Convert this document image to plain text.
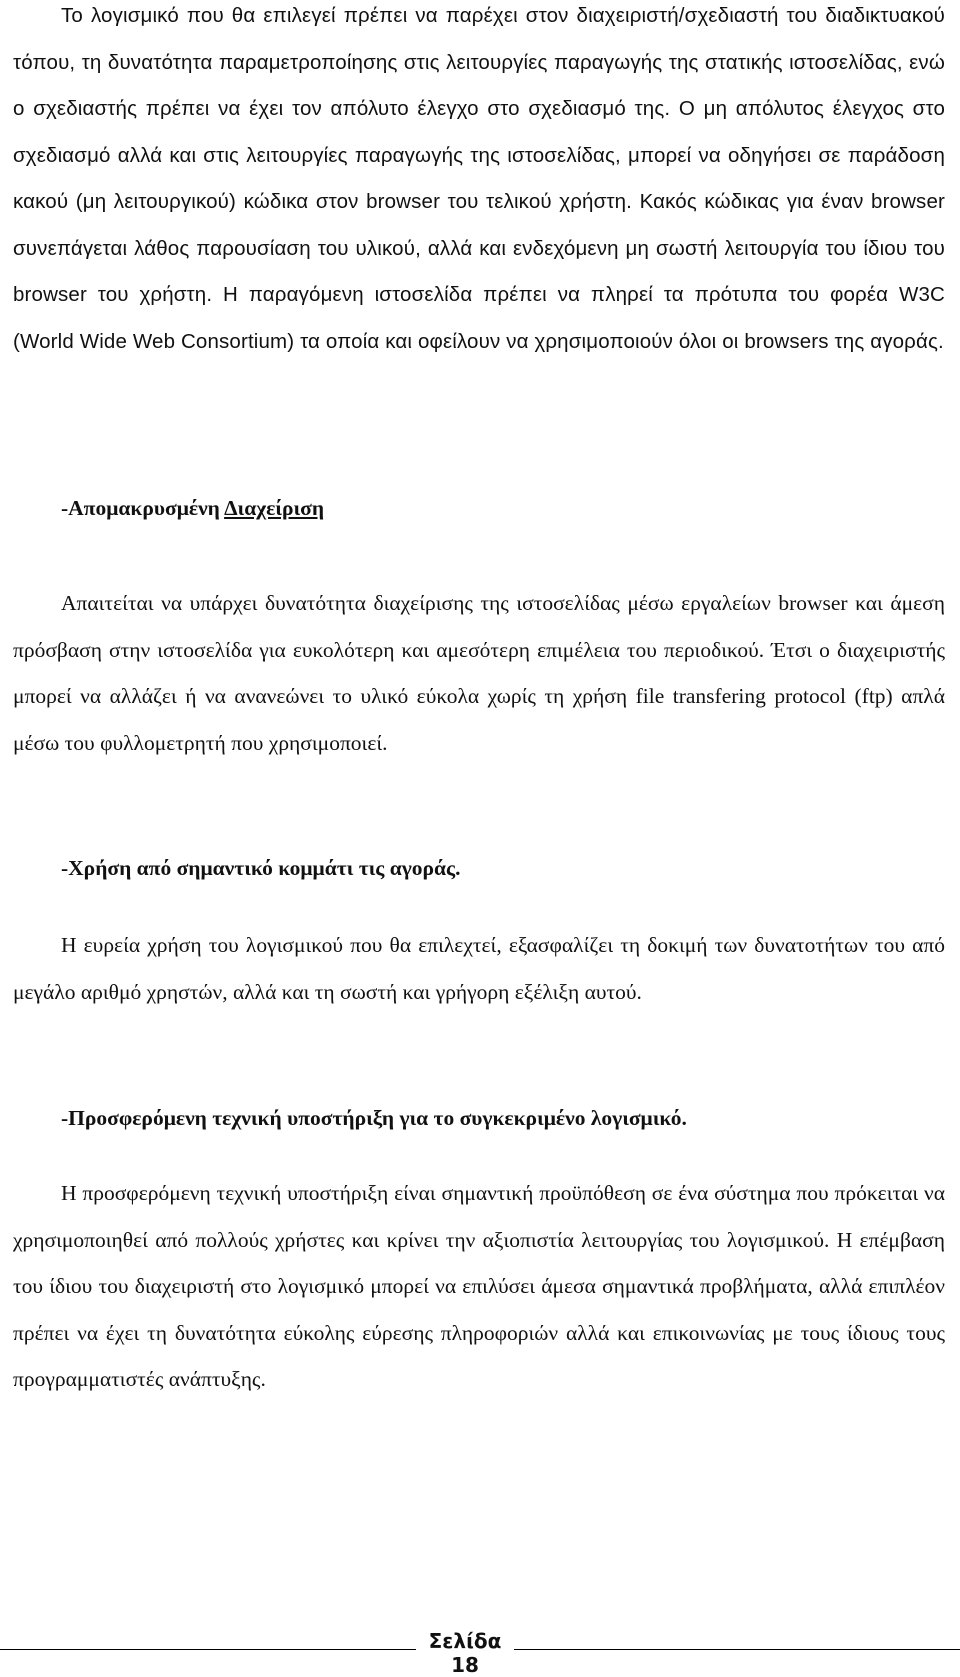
Το λογισμικό που θα επιλεγεί πρέπει να παρέχει στον διαχειριστή/σχεδιαστή του διαδικτυακού τόπου, τη δυνατότητα παραμετροποίησης στις λειτουργίες παραγωγής της στατικής ιστοσελίδας, ενώ ο σχεδιαστής πρέπει να έχει τον απόλυτο έλεγχο στο σχεδιασμό της. Ο μη απόλυτος έλεγχος στο σχεδιασμό αλλά και στις λειτουργίες παραγωγής της ιστοσελίδας, μπορεί να οδηγήσει σε παράδοση κακού (μη λειτουργικού) κώδικα στον browser του τελικού χρήστη. Κακός κώδικας για έναν browser συνεπάγεται λάθος παρουσίαση του υλικού, αλλά και ενδεχόμενη μη σωστή λειτουργία του ίδιου του browser του χρήστη. Η παραγόμενη ιστοσελίδα πρέπει να πληρεί τα πρότυπα του φορέα W3C (World Wide Web Consortium) τα οποία και οφείλουν να χρησιμοποιούν όλοι οι browsers της αγοράς.

-Απομακρυσμένη Διαχείριση

Απαιτείται να υπάρχει δυνατότητα διαχείρισης της ιστοσελίδας μέσω εργαλείων browser και άμεση πρόσβαση στην ιστοσελίδα για ευκολότερη και αμεσότερη επιμέλεια του περιοδικού. Έτσι ο διαχειριστής μπορεί να αλλάζει ή να ανανεώνει το υλικό εύκολα χωρίς τη χρήση file transfering protocol (ftp) απλά μέσω του φυλλομετρητή που χρησιμοποιεί.

-Χρήση από σημαντικό κομμάτι τις αγοράς.

Η ευρεία χρήση του λογισμικού που θα επιλεχτεί, εξασφαλίζει τη δοκιμή των δυνατοτήτων του από μεγάλο αριθμό χρηστών, αλλά και τη σωστή και γρήγορη εξέλιξη αυτού.

-Προσφερόμενη τεχνική υποστήριξη για το συγκεκριμένο λογισμικό.

Η προσφερόμενη τεχνική υποστήριξη είναι σημαντική προϋπόθεση σε ένα σύστημα που πρόκειται να χρησιμοποιηθεί από πολλούς χρήστες και κρίνει την αξιοπιστία λειτουργίας του λογισμικού. Η επέμβαση του ίδιου του διαχειριστή στο λογισμικό μπορεί να επιλύσει άμεσα σημαντικά προβλήματα, αλλά επιπλέον πρέπει να έχει τη δυνατότητα εύκολης εύρεσης πληροφοριών αλλά και επικοινωνίας με τους ίδιους τους προγραμματιστές ανάπτυξης.

Σελίδα
18
